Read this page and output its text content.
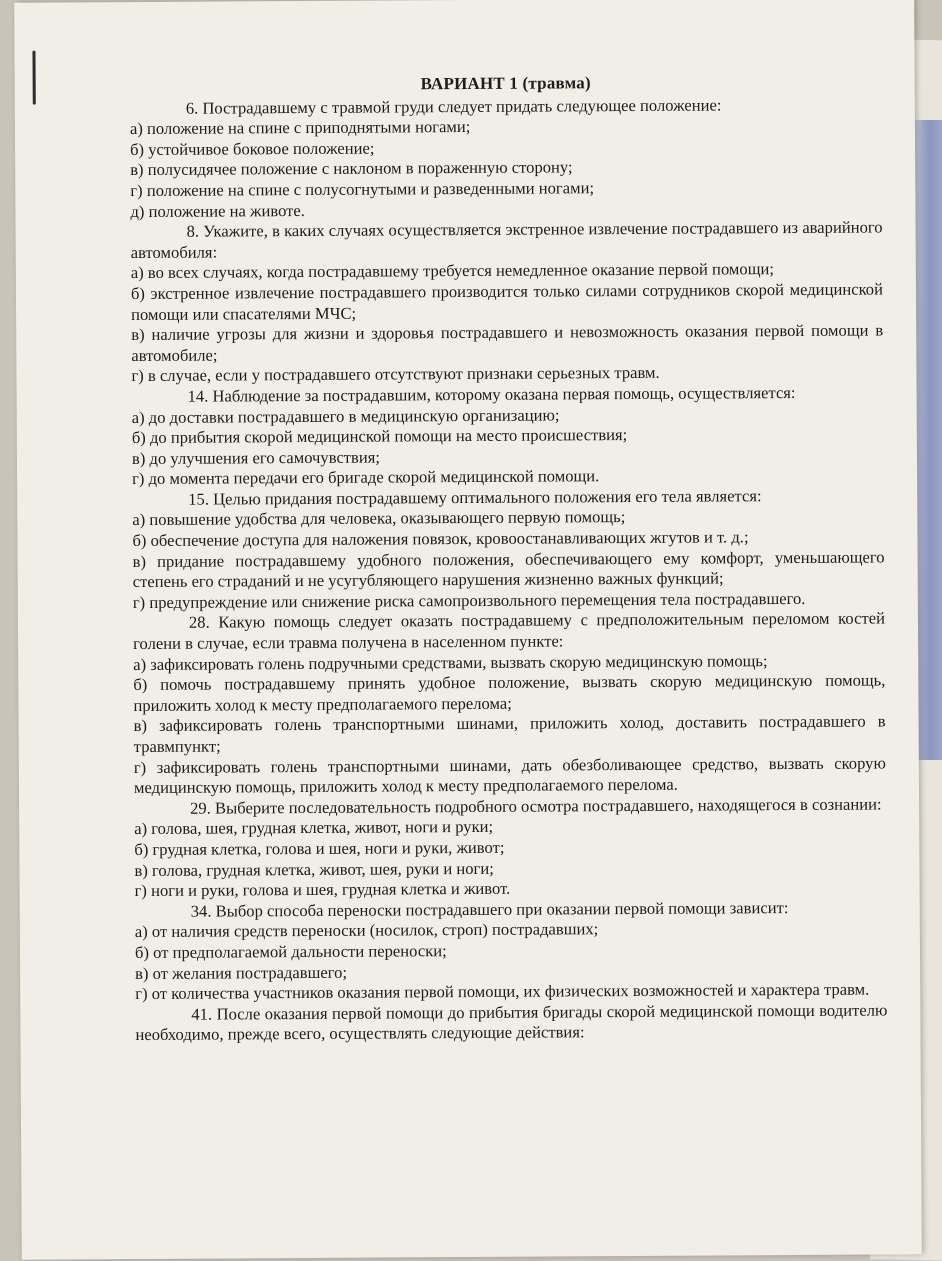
ВАРИАНТ 1 (травма)

6. Пострадавшему с травмой груди следует придать следующее положение:

а) положение на спине с приподнятыми ногами;

б) устойчивое боковое положение;

в) полусидячее положение с наклоном в пораженную сторону;

г) положение на спине с полусогнутыми и разведенными ногами;

д) положение на животе.

8. Укажите, в каких случаях осуществляется экстренное извлечение пострадавшего из аварийного автомобиля:

а) во всех случаях, когда пострадавшему требуется немедленное оказание первой помощи;

б) экстренное извлечение пострадавшего производится только силами сотрудников скорой медицинской помощи или спасателями МЧС;

в) наличие угрозы для жизни и здоровья пострадавшего и невозможность оказания первой помощи в автомобиле;

г) в случае, если у пострадавшего отсутствуют признаки серьезных травм.

14. Наблюдение за пострадавшим, которому оказана первая помощь, осуществляется:

а) до доставки пострадавшего в медицинскую организацию;

б) до прибытия скорой медицинской помощи на место происшествия;

в) до улучшения его самочувствия;

г) до момента передачи его бригаде скорой медицинской помощи.

15. Целью придания пострадавшему оптимального положения его тела является:

а) повышение удобства для человека, оказывающего первую помощь;

б) обеспечение доступа для наложения повязок, кровоостанавливающих жгутов и т. д.;

в) придание пострадавшему удобного положения, обеспечивающего ему комфорт, уменьшающего степень его страданий и не усугубляющего нарушения жизненно важных функций;

г) предупреждение или снижение риска самопроизвольного перемещения тела пострадавшего.

28. Какую помощь следует оказать пострадавшему с предположительным переломом костей голени в случае, если травма получена в населенном пункте:

а) зафиксировать голень подручными средствами, вызвать скорую медицинскую помощь;

б) помочь пострадавшему принять удобное положение, вызвать скорую медицинскую помощь, приложить холод к месту предполагаемого перелома;

в) зафиксировать голень транспортными шинами, приложить холод, доставить пострадавшего в травмпункт;

г) зафиксировать голень транспортными шинами, дать обезболивающее средство, вызвать скорую медицинскую помощь, приложить холод к месту предполагаемого перелома.

29. Выберите последовательность подробного осмотра пострадавшего, находящегося в сознании:

а) голова, шея, грудная клетка, живот, ноги и руки;

б) грудная клетка, голова и шея, ноги и руки, живот;

в) голова, грудная клетка, живот, шея, руки и ноги;

г) ноги и руки, голова и шея, грудная клетка и живот.

34. Выбор способа переноски пострадавшего при оказании первой помощи зависит:

а) от наличия средств переноски (носилок, строп) пострадавших;

б) от предполагаемой дальности переноски;

в) от желания пострадавшего;

г) от количества участников оказания первой помощи, их физических возможностей и характера травм.

41. После оказания первой помощи до прибытия бригады скорой медицинской помощи водителю необходимо, прежде всего, осуществлять следующие действия:
